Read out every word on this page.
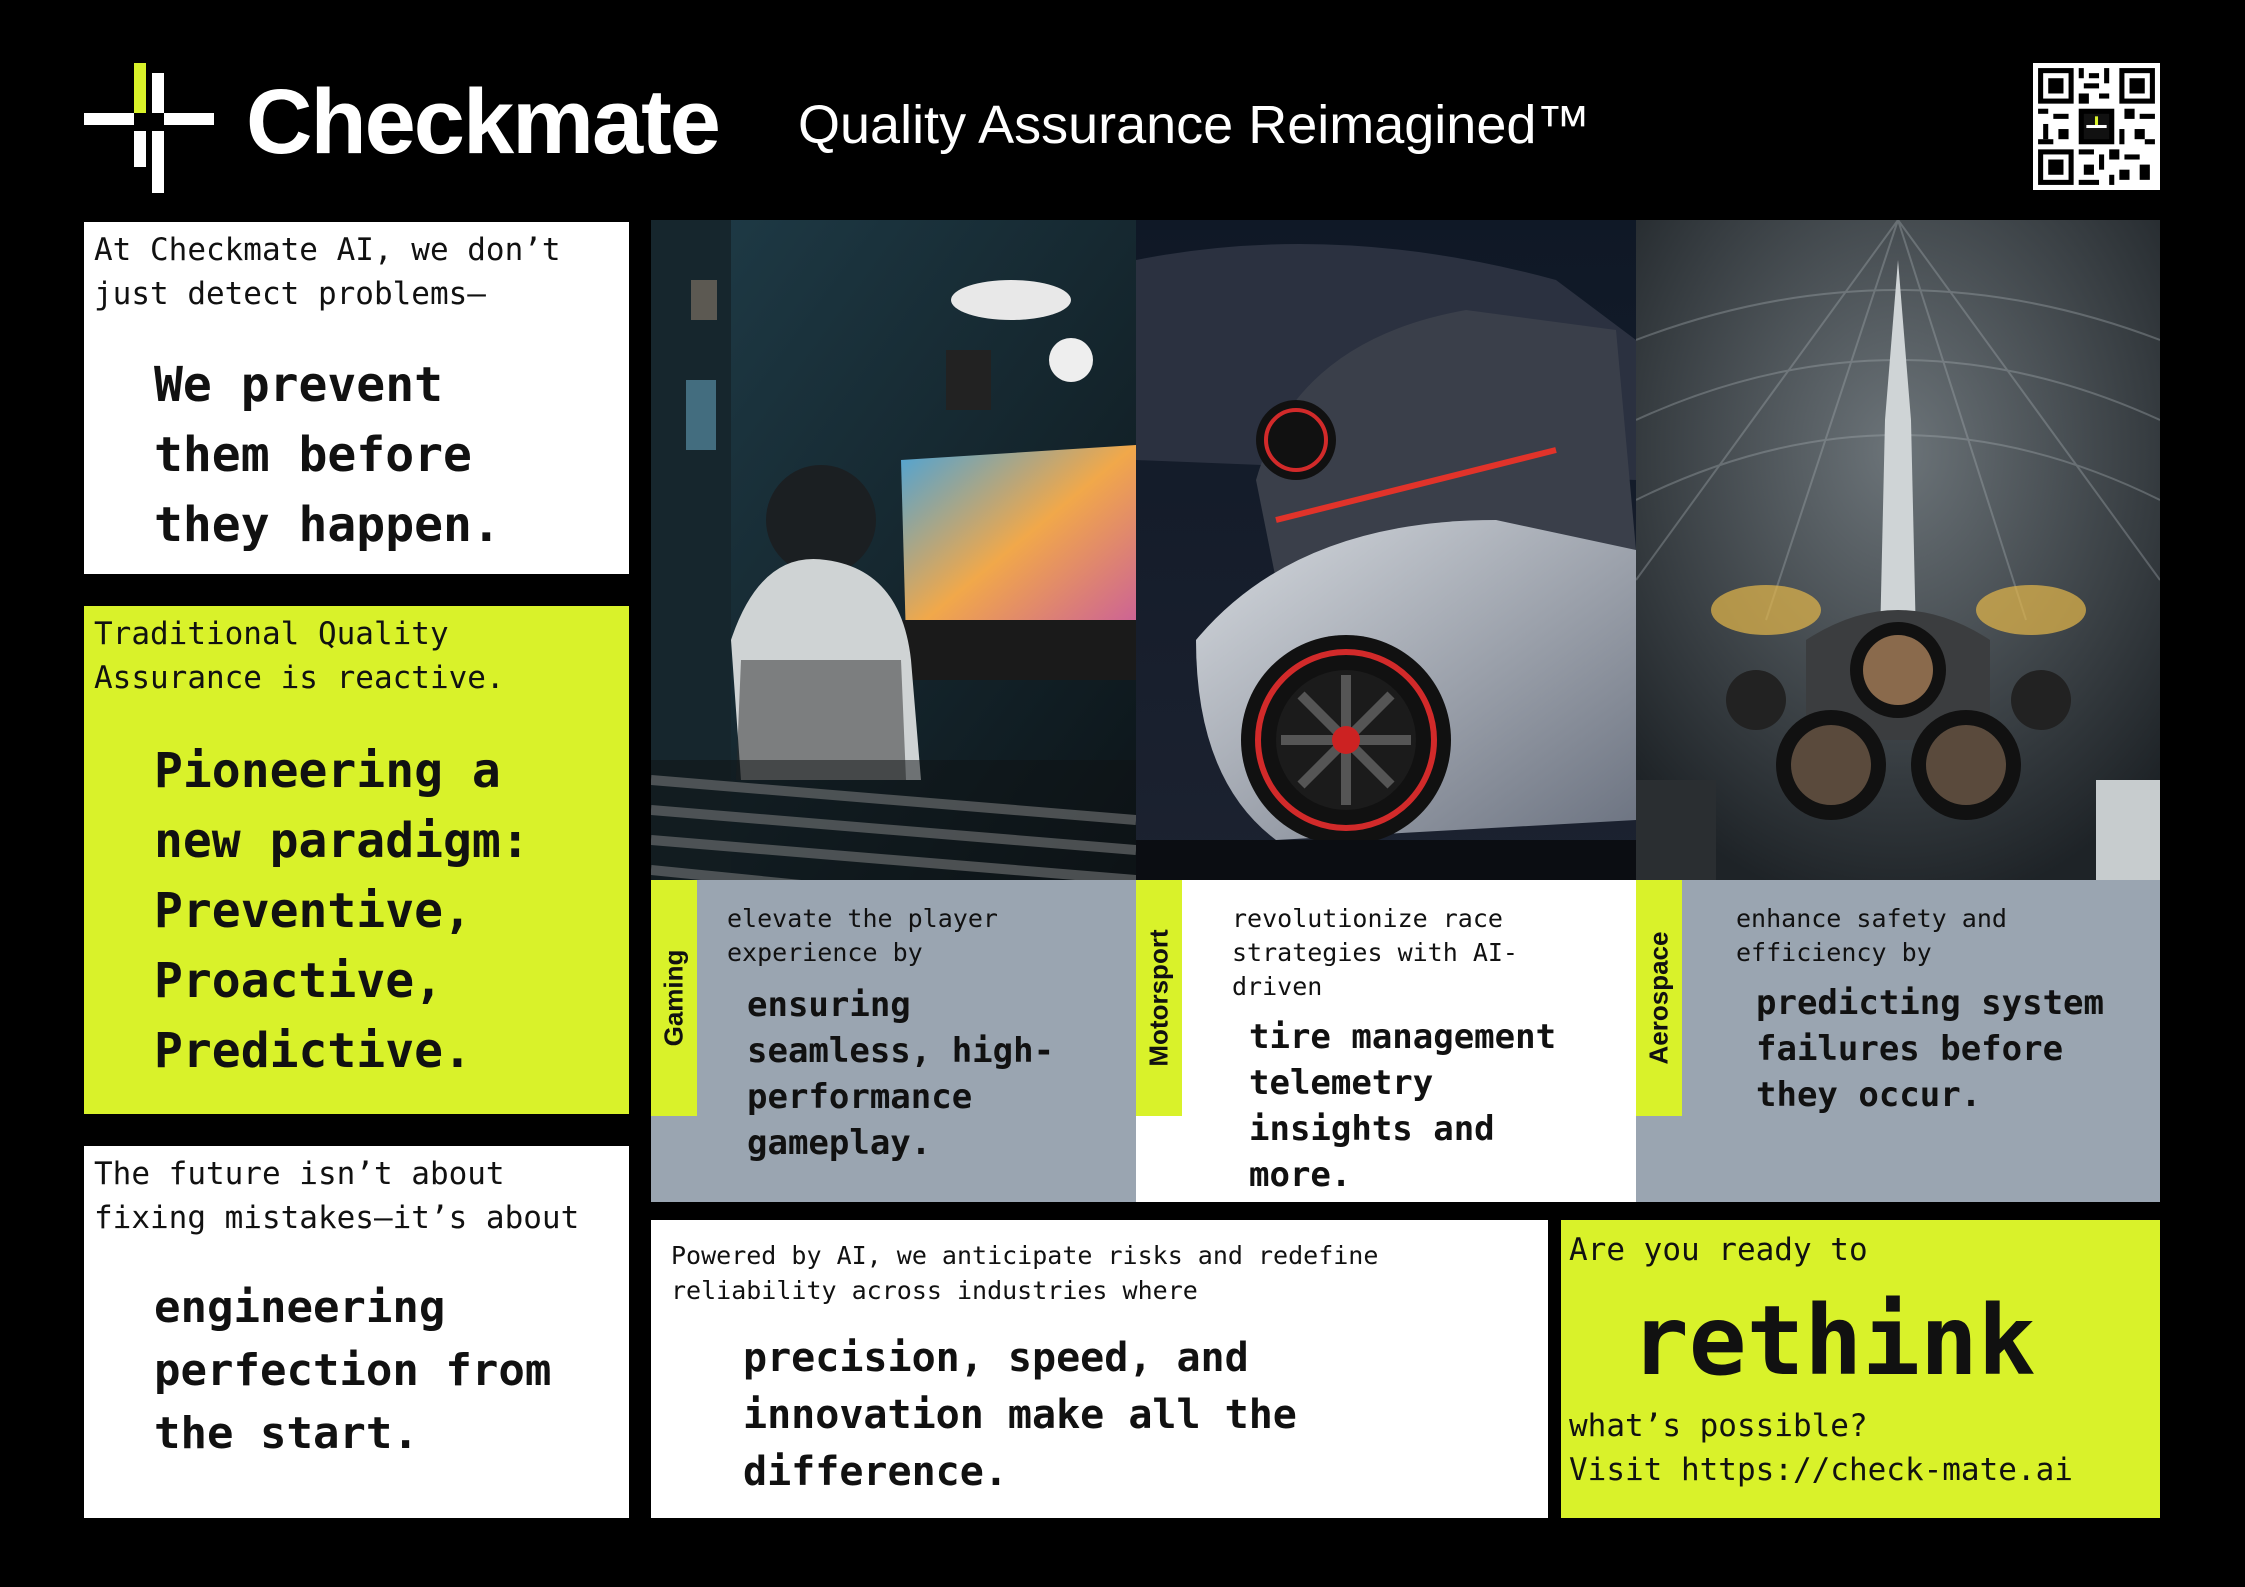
Checkmate Quality Assurance Reimagined™
At Checkmate AI, we don’t just detect problems—
We prevent them before they happen.
Traditional Quality Assurance is reactive.
Pioneering a new paradigm: Preventive, Proactive, Predictive.
The future isn’t about fixing mistakes—it’s about
engineering perfection from the start.
Gaming
elevate the player experience by
ensuring seamless, high-performance gameplay.
Motorsport
revolutionize race strategies with AI-driven
tire management telemetry insights and more.
Aerospace
enhance safety and efficiency by
predicting system failures before they occur.
Powered by AI, we anticipate risks and redefine reliability across industries where
precision, speed, and innovation make all the difference.
Are you ready to
rethink
what’s possible?
Visit https://check-mate.ai
